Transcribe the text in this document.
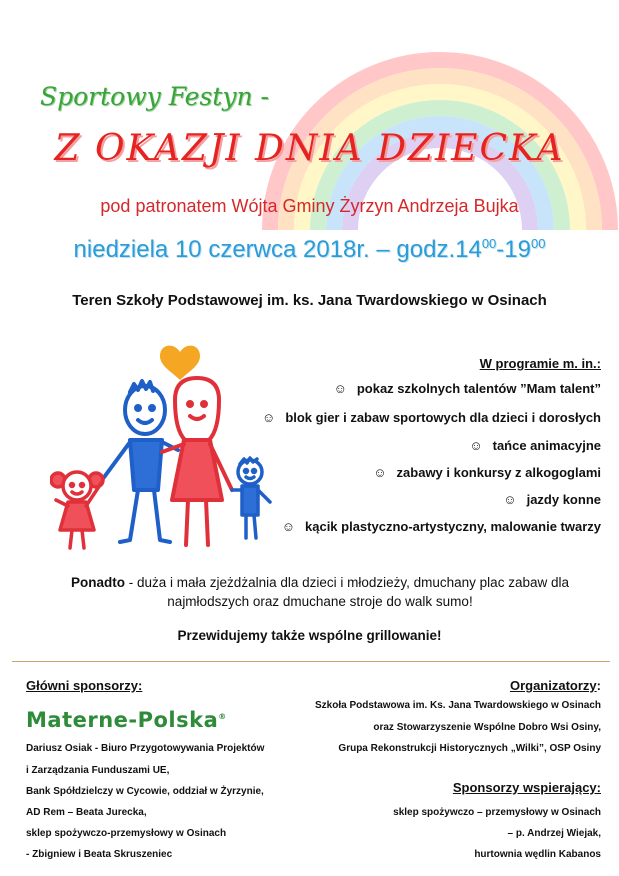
Sportowy Festyn -
Z OKAZJI DNIA DZIECKA
pod patronatem Wójta Gminy Żyrzyn Andrzeja Bujka
niedziela 10 czerwca 2018r. – $godz.14^{00}-19^{00}$
Teren Szkoły Podstawowej im. ks. Jana Twardowskiego w Osinach
W programie m. in.:
☺ pokaz szkolnych talentów ”Mam talent”
☺ blok gier i zabaw sportowych dla dzieci i dorosłych
☺ tańce animacyjne
☺ zabawy i konkursy z alkogoglami
☺ jazdy konne
☺ kącik plastyczno-artystyczny, malowanie twarzy
Ponadto - duża i mała zjeżdżalnia dla dzieci i młodzieży, dmuchany plac zabaw dla najmłodszych oraz dmuchane stroje do walk sumo!
Przewidujemy także wspólne grillowanie!
Główni sponsorzy:
Materne-Polska®
Dariusz Osiak - Biuro Przygotowywania Projektów
i Zarządzania Funduszami UE,
Bank Spółdzielczy w Cycowie, oddział w Żyrzynie,
AD Rem – Beata Jurecka,
sklep spożywczo-przemysłowy w Osinach
- Zbigniew i Beata Skruszeniec
Organizatorzy:
Szkoła Podstawowa im. Ks. Jana Twardowskiego w Osinach
oraz Stowarzyszenie Wspólne Dobro Wsi Osiny,
Grupa Rekonstrukcji Historycznych „Wilki”, OSP Osiny
Sponsorzy wspierający:
sklep spożywczo – przemysłowy w Osinach
– p. Andrzej Wiejak,
hurtownia wędlin Kabanos
